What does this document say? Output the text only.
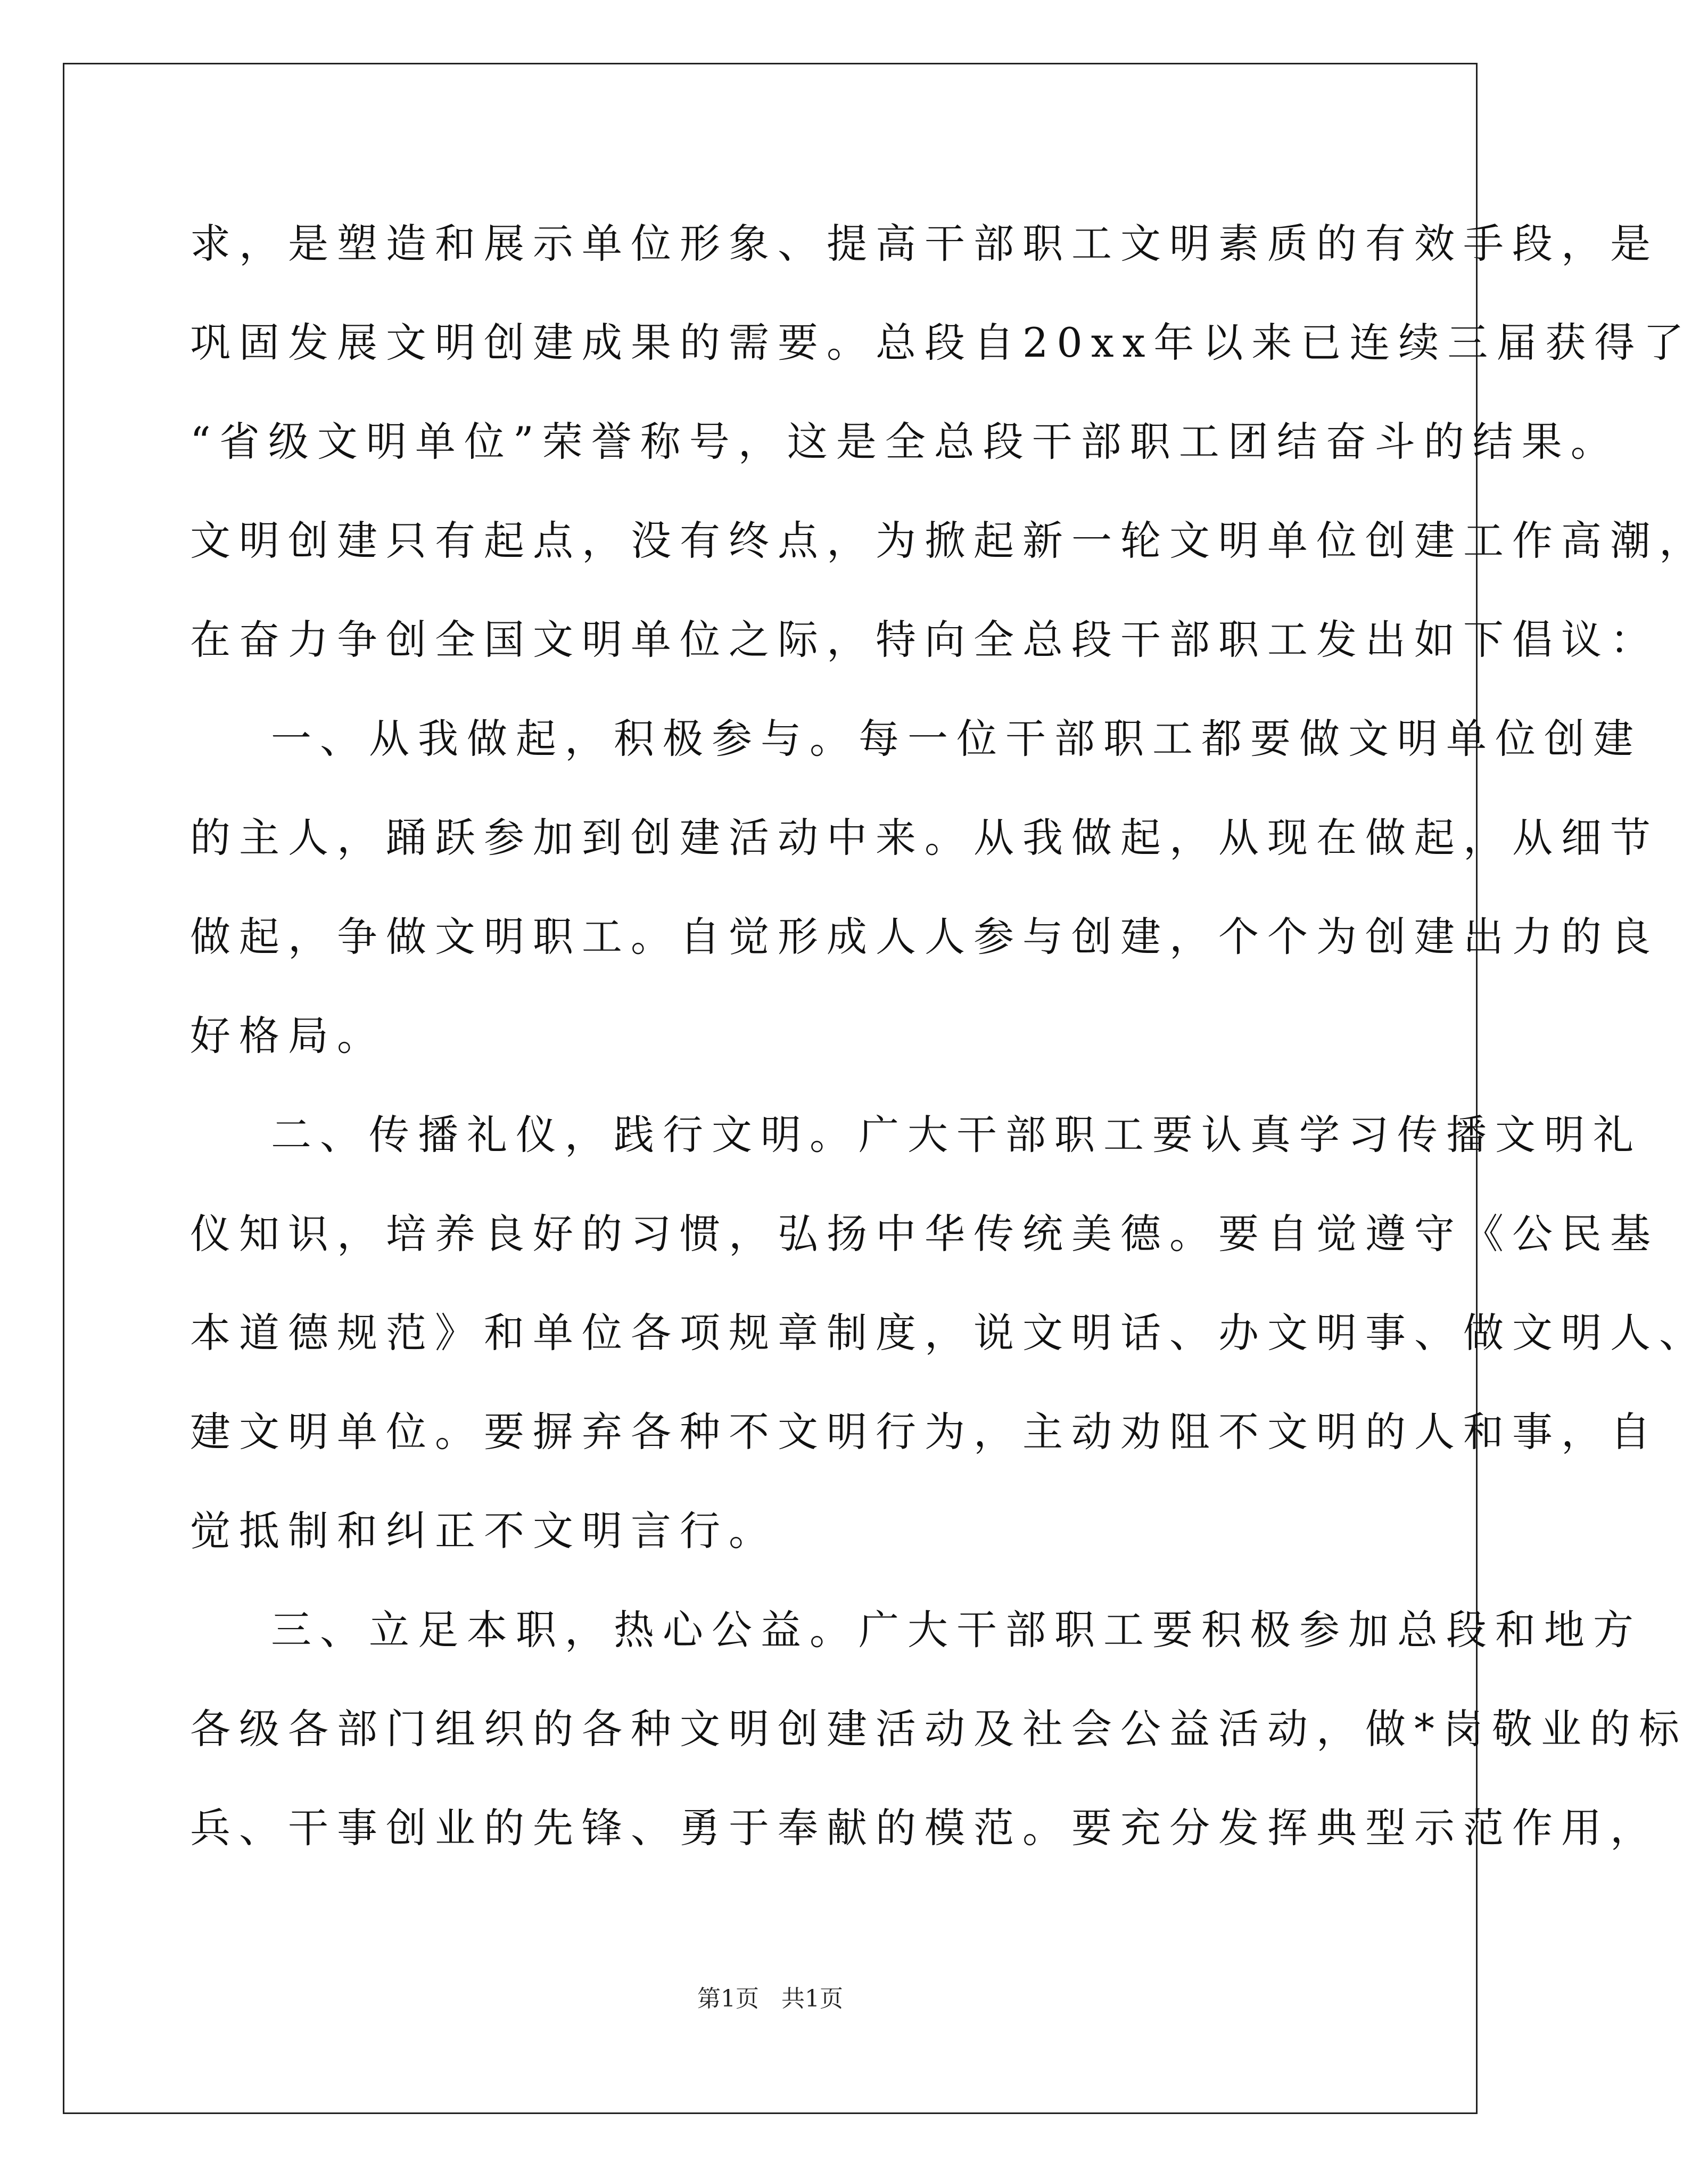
求，是塑造和展示单位形象、提高干部职工文明素质的有效手段，是
巩固发展文明创建成果的需要。总段自20xx年以来已连续三届获得了
“省级文明单位”荣誉称号，这是全总段干部职工团结奋斗的结果。
文明创建只有起点，没有终点，为掀起新一轮文明单位创建工作高潮，
在奋力争创全国文明单位之际，特向全总段干部职工发出如下倡议：
一、从我做起，积极参与。每一位干部职工都要做文明单位创建
的主人，踊跃参加到创建活动中来。从我做起，从现在做起，从细节
做起，争做文明职工。自觉形成人人参与创建，个个为创建出力的良
好格局。
二、传播礼仪，践行文明。广大干部职工要认真学习传播文明礼
仪知识，培养良好的习惯，弘扬中华传统美德。要自觉遵守《公民基
本道德规范》和单位各项规章制度，说文明话、办文明事、做文明人、
建文明单位。要摒弃各种不文明行为，主动劝阻不文明的人和事，自
觉抵制和纠正不文明言行。
三、立足本职，热心公益。广大干部职工要积极参加总段和地方
各级各部门组织的各种文明创建活动及社会公益活动，做*岗敬业的标
兵、干事创业的先锋、勇于奉献的模范。要充分发挥典型示范作用，
第1页 共1页
